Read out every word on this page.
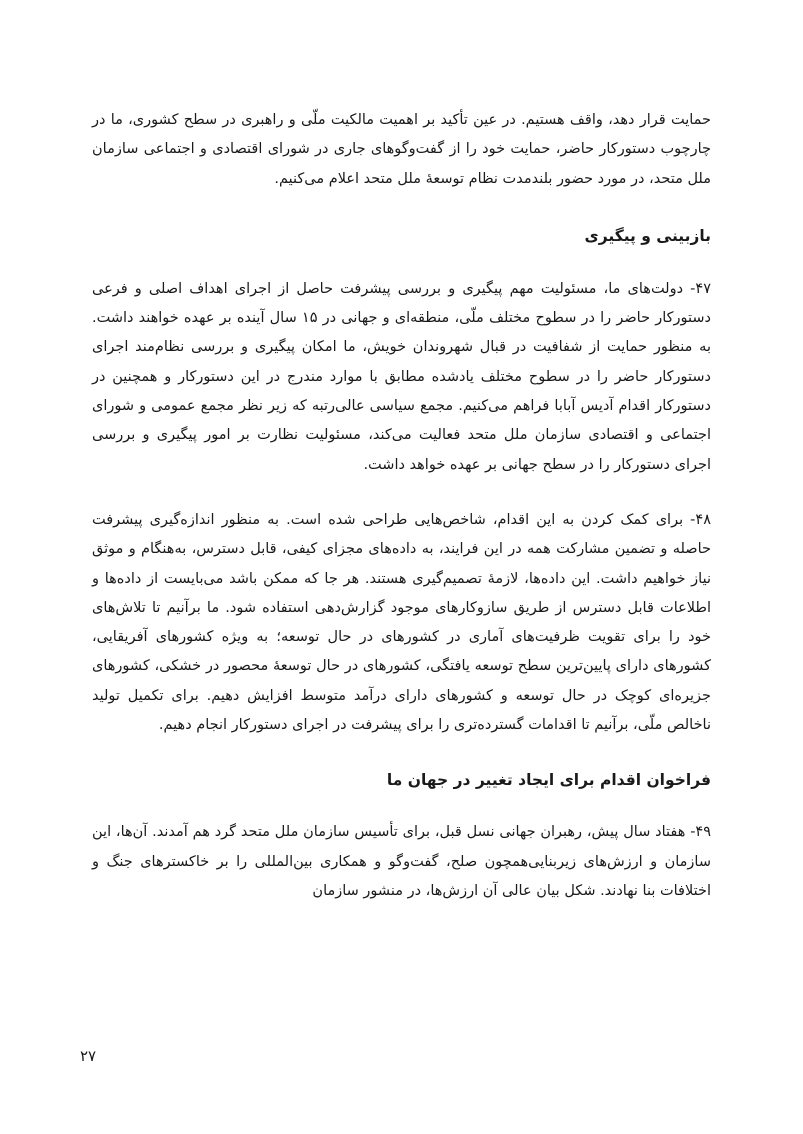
حمایت قرار دهد، واقف هستیم. در عین تأکید بر اهمیت مالکیت ملّی و راهبری در سطح کشوری، ما در چارچوب دستورکار حاضر، حمایت خود را از گفت‌وگوهای جاری در شورای اقتصادی و اجتماعی سازمان ملل متحد، در مورد حضور بلندمدت نظام توسعهٔ ملل متحد اعلام می‌کنیم.

بازبینی و پیگیری

۴۷- دولت‌های ما، مسئولیت مهم پیگیری و بررسی پیشرفت حاصل از اجرای اهداف اصلی و فرعی دستورکار حاضر را در سطوح مختلف ملّی، منطقه‌ای و جهانی در ۱۵ سال آینده بر عهده خواهند داشت. به منظور حمایت از شفافیت در قبال شهروندان خویش، ما امکان پیگیری و بررسی نظام‌مند اجرای دستورکار حاضر را در سطوح مختلف یادشده مطابق با موارد مندرج در این دستورکار و همچنین در دستورکار اقدام آدیس آبابا فراهم می‌کنیم. مجمع سیاسی عالی‌رتبه که زیر نظر مجمع عمومی و شورای اجتماعی و اقتصادی سازمان ملل متحد فعالیت می‌کند، مسئولیت نظارت بر امور پیگیری و بررسی اجرای دستورکار را در سطح جهانی بر عهده خواهد داشت.

۴۸- برای کمک کردن به این اقدام، شاخص‌هایی طراحی شده است. به منظور اندازه‌گیری پیشرفت حاصله و تضمین مشارکت همه در این فرایند، به داده‌های مجزای کیفی، قابل دسترس، به‌هنگام و موثق نیاز خواهیم داشت. این داده‌ها، لازمهٔ تصمیم‌گیری هستند. هر جا که ممکن باشد می‌بایست از داده‌ها و اطلاعات قابل دسترس از طریق سازوکارهای موجود گزارش‌دهی استفاده شود. ما برآنیم تا تلاش‌های خود را برای تقویت ظرفیت‌های آماری در کشورهای در حال توسعه؛ به ویژه کشورهای آفریقایی، کشورهای دارای پایین‌ترین سطح توسعه یافتگی، کشورهای در حال توسعهٔ محصور در خشکی، کشورهای جزیره‌ای کوچک در حال توسعه و کشورهای دارای درآمد متوسط افزایش دهیم. برای تکمیل تولید ناخالص ملّی، برآنیم تا اقدامات گسترده‌تری را برای پیشرفت در اجرای دستورکار انجام دهیم.

فراخوان اقدام برای ایجاد تغییر در جهان ما

۴۹- هفتاد سال پیش، رهبران جهانی نسل قبل، برای تأسیس سازمان ملل متحد گرد هم آمدند. آن‌ها، این سازمان و ارزش‌های زیربنایی‌همچون صلح، گفت‌وگو و همکاری بین‌المللی را بر خاکسترهای جنگ و اختلافات بنا نهادند. شکل بیان عالی آن ارزش‌ها، در منشور سازمان

۲۷
